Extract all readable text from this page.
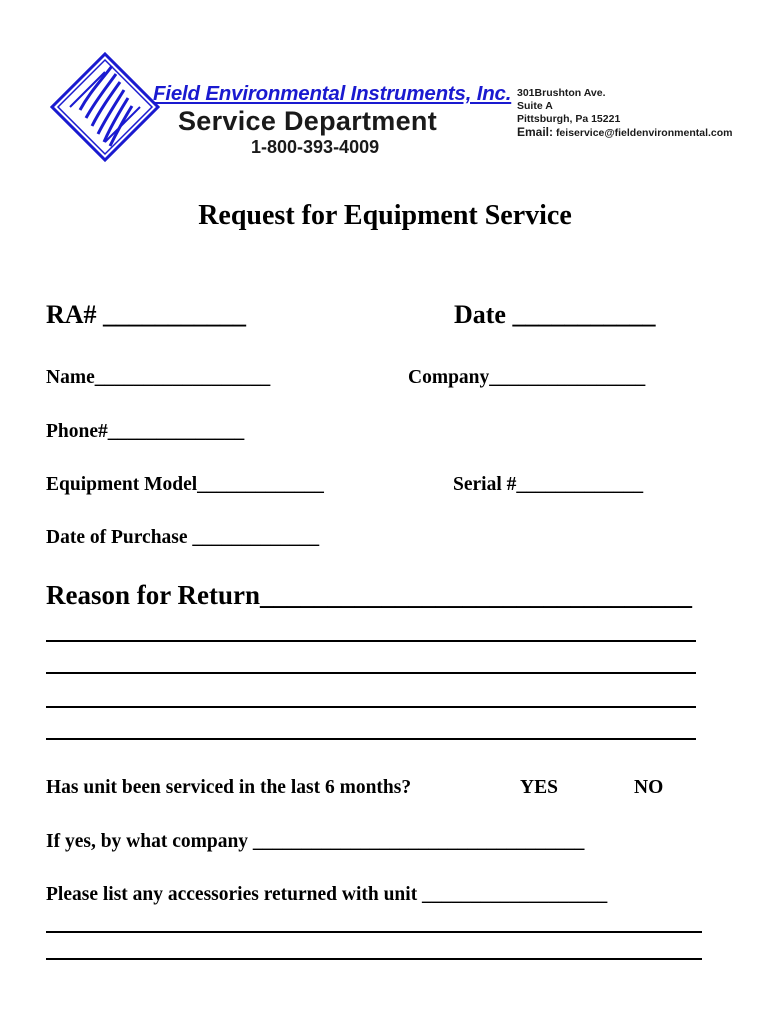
Field Environmental Instruments, Inc.
Service Department
1-800-393-4009
301Brushton Ave.
Suite A
Pittsburgh, Pa 15221
Email: feiservice@fieldenvironmental.com
Request for Equipment Service
RA# ___________	Date ___________
Name__________________	Company________________
Phone#______________
Equipment Model_____________	Serial #_____________
Date of Purchase _____________
Reason for Return________________________________
Has unit been serviced in the last 6 months?	YES	NO
If yes, by what company __________________________________
Please list any accessories returned with unit ___________________
